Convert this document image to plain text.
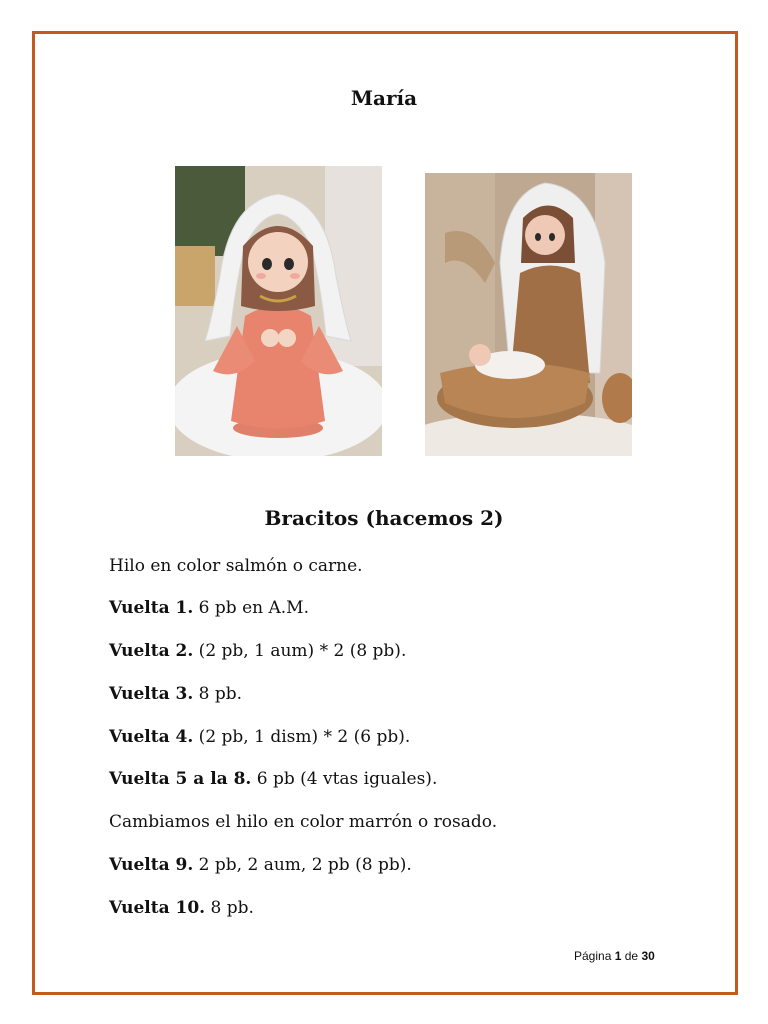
María
Bracitos (hacemos 2)
Hilo en color salmón o carne.
Vuelta 1. 6 pb en A.M.
Vuelta 2. (2 pb, 1 aum) * 2 (8 pb).
Vuelta 3. 8 pb.
Vuelta 4. (2 pb, 1 dism) * 2 (6 pb).
Vuelta 5 a la 8. 6 pb (4 vtas iguales).
Cambiamos el hilo en color marrón o rosado.
Vuelta 9. 2 pb, 2 aum, 2 pb (8 pb).
Vuelta 10. 8 pb.
Página 1 de 30
